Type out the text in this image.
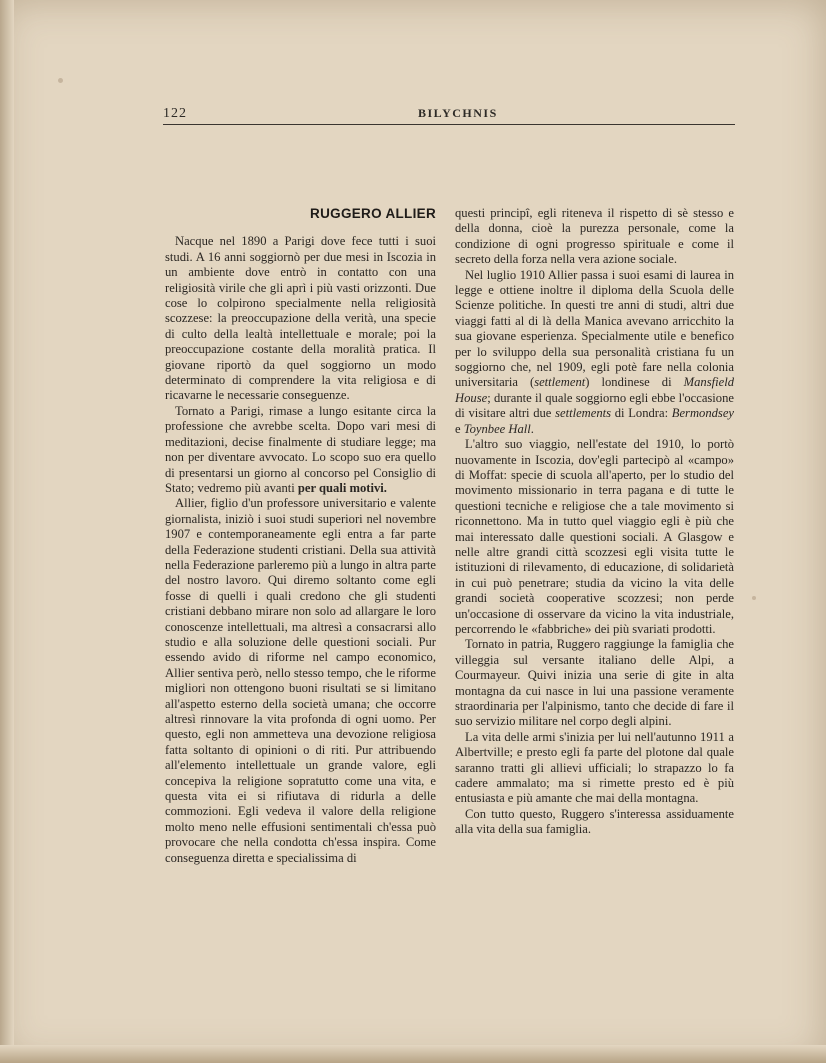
122	BILYCHNIS
RUGGERO ALLIER

Nacque nel 1890 a Parigi dove fece tutti i suoi studi. A 16 anni soggiornò per due mesi in Iscozia in un ambiente dove entrò in contatto con una religiosità virile che gli aprì i più vasti orizzonti. Due cose lo colpirono specialmente nella religiosità scozzese: la preoccupazione della verità, una specie di culto della lealtà intellettuale e morale; poi la preoccupazione costante della moralità pratica. Il giovane riportò da quel soggiorno un modo determinato di comprendere la vita religiosa e di ricavarne le necessarie conseguenze.

Tornato a Parigi, rimase a lungo esitante circa la professione che avrebbe scelta. Dopo vari mesi di meditazioni, decise finalmente di studiare legge; ma non per diventare avvocato. Lo scopo suo era quello di presentarsi un giorno al concorso pel Consiglio di Stato; vedremo più avanti per quali motivi.

Allier, figlio d'un professore universitario e valente giornalista, iniziò i suoi studi superiori nel novembre 1907 e contemporaneamente egli entra a far parte della Federazione studenti cristiani. Della sua attività nella Federazione parleremo più a lungo in altra parte del nostro lavoro. Qui diremo soltanto come egli fosse di quelli i quali credono che gli studenti cristiani debbano mirare non solo ad allargare le loro conoscenze intellettuali, ma altresì a consacrarsi allo studio e alla soluzione delle questioni sociali. Pur essendo avido di riforme nel campo economico, Allier sentiva però, nello stesso tempo, che le riforme migliori non ottengono buoni risultati se si limitano all'aspetto esterno della società umana; che occorre altresì rinnovare la vita profonda di ogni uomo. Per questo, egli non ammetteva una devozione religiosa fatta soltanto di opinioni o di riti. Pur attribuendo all'elemento intellettuale un grande valore, egli concepiva la religione sopratutto come una vita, e questa vita ei si rifiutava di ridurla a delle commozioni. Egli vedeva il valore della religione molto meno nelle effusioni sentimentali ch'essa può provocare che nella condotta ch'essa inspira. Come conseguenza diretta e specialissima di

questi principî, egli riteneva il rispetto di sè stesso e della donna, cioè la purezza personale, come la condizione di ogni progresso spirituale e come il secreto della forza nella vera azione sociale.

Nel luglio 1910 Allier passa i suoi esami di laurea in legge e ottiene inoltre il diploma della Scuola delle Scienze politiche. In questi tre anni di studi, altri due viaggi fatti al di là della Manica avevano arricchito la sua giovane esperienza. Specialmente utile e benefico per lo sviluppo della sua personalità cristiana fu un soggiorno che, nel 1909, egli potè fare nella colonia universitaria (settlement) londinese di Mansfield House; durante il quale soggiorno egli ebbe l'occasione di visitare altri due settlements di Londra: Bermondsey e Toynbee Hall.

L'altro suo viaggio, nell'estate del 1910, lo portò nuovamente in Iscozia, dov'egli partecipò al «campo» di Moffat: specie di scuola all'aperto, per lo studio del movimento missionario in terra pagana e di tutte le questioni tecniche e religiose che a tale movimento si riconnettono. Ma in tutto quel viaggio egli è più che mai interessato dalle questioni sociali. A Glasgow e nelle altre grandi città scozzesi egli visita tutte le istituzioni di rilevamento, di educazione, di solidarietà in cui può penetrare; studia da vicino la vita delle grandi società cooperative scozzesi; non perde un'occasione di osservare da vicino la vita industriale, percorrendo le «fabbriche» dei più svariati prodotti.

Tornato in patria, Ruggero raggiunge la famiglia che villeggia sul versante italiano delle Alpi, a Courmayeur. Quivi inizia una serie di gite in alta montagna da cui nasce in lui una passione veramente straordinaria per l'alpinismo, tanto che decide di fare il suo servizio militare nel corpo degli alpini.

La vita delle armi s'inizia per lui nell'autunno 1911 a Albertville; e presto egli fa parte del plotone dal quale saranno tratti gli allievi ufficiali; lo strapazzo lo fa cadere ammalato; ma si rimette presto ed è più entusiasta e più amante che mai della montagna.

Con tutto questo, Ruggero s'interessa assiduamente alla vita della sua famiglia.
